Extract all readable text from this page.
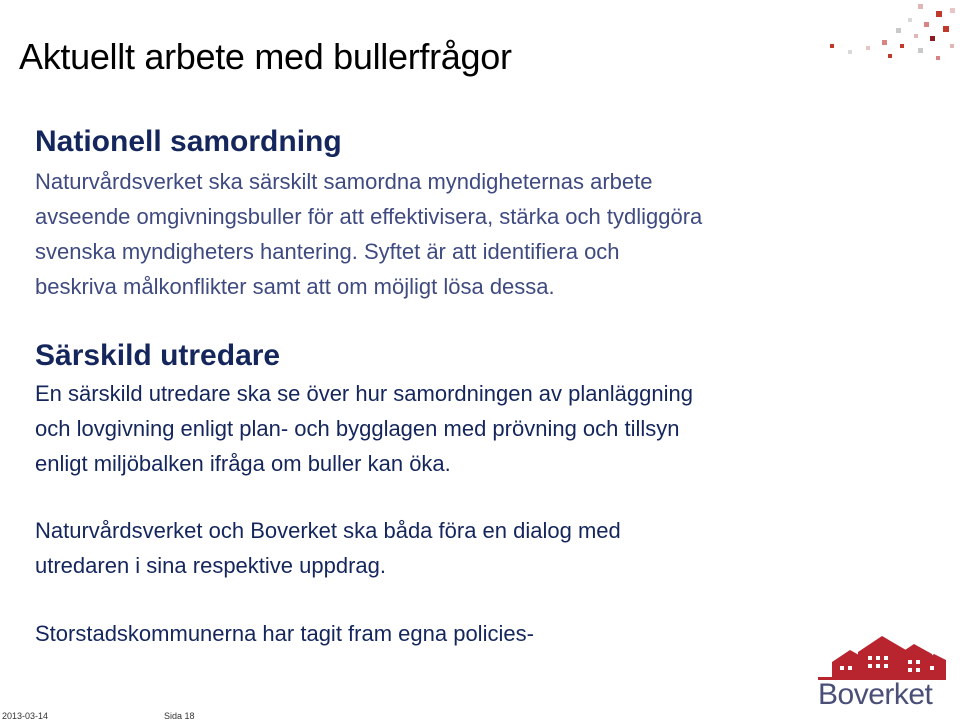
Aktuellt arbete med bullerfrågor
Nationell samordning

Naturvårdsverket ska särskilt samordna myndigheternas arbete
avseende omgivningsbuller för att effektivisera, stärka och tydliggöra
svenska myndigheters hantering. Syftet är att identifiera och
beskriva målkonflikter samt att om möjligt lösa dessa.

Särskild utredare

En särskild utredare ska se över hur samordningen av planläggning
och lovgivning enligt plan- och bygglagen med prövning och tillsyn
enligt miljöbalken ifråga om buller kan öka.

Naturvårdsverket och Boverket ska båda föra en dialog med
utredaren i sina respektive uppdrag.

Storstadskommunerna har tagit fram egna policies-

Boverket
2013-03-14	Sida 18
